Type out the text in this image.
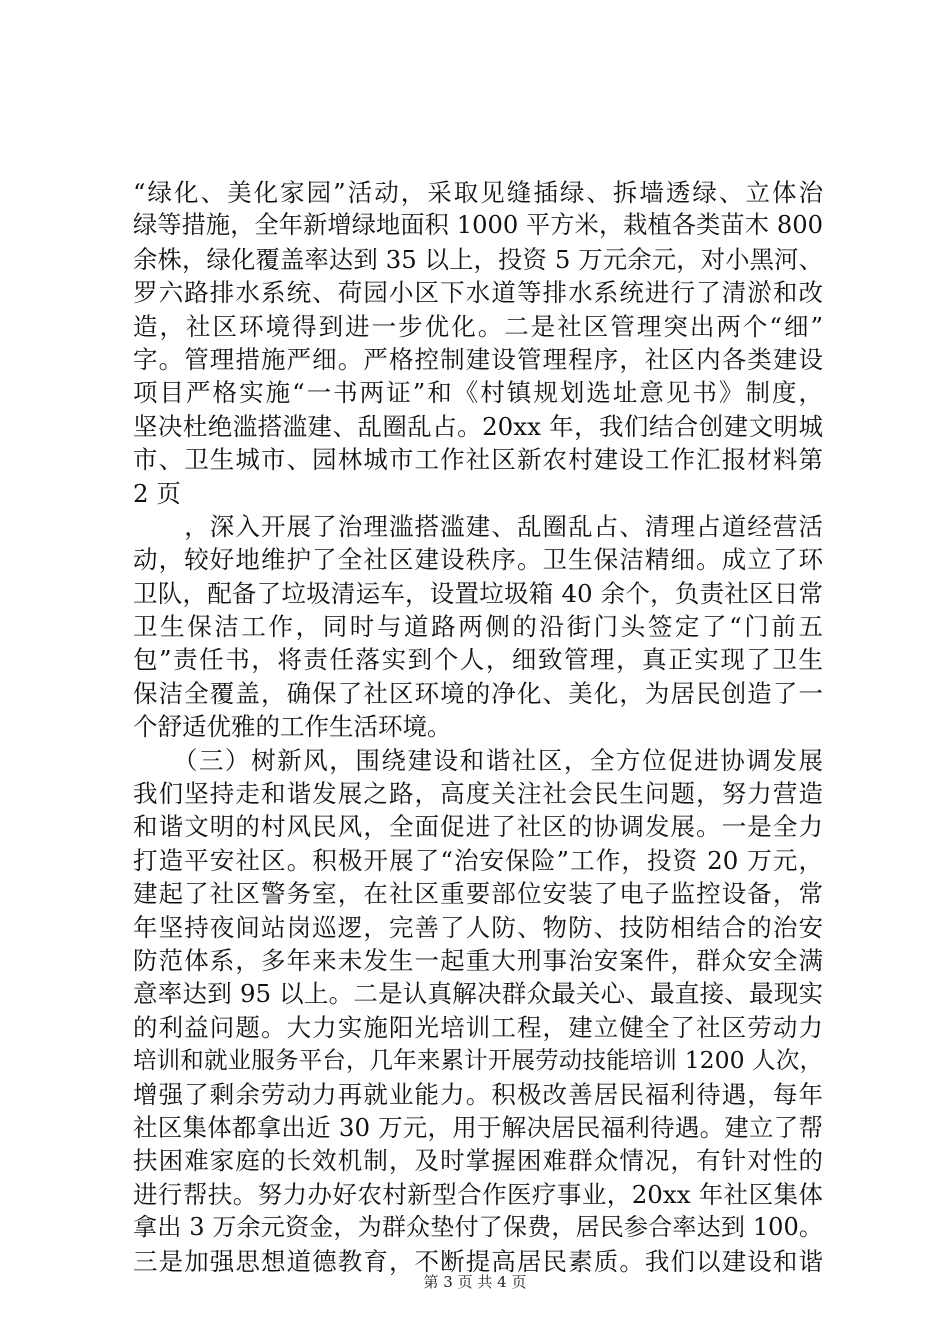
“绿化、美化家园”活动，采取见缝插绿、拆墙透绿、立体治
绿等措施，全年新增绿地面积 1000 平方米，栽植各类苗木 800
余株，绿化覆盖率达到 35 以上，投资 5 万元余元，对小黑河、
罗六路排水系统、荷园小区下水道等排水系统进行了清淤和改
造，社区环境得到进一步优化。二是社区管理突出两个“细”
字。管理措施严细。严格控制建设管理程序，社区内各类建设
项目严格实施“一书两证”和《村镇规划选址意见书》制度，
坚决杜绝滥搭滥建、乱圈乱占。20xx 年，我们结合创建文明城
市、卫生城市、园林城市工作社区新农村建设工作汇报材料第
2 页
　　，深入开展了治理滥搭滥建、乱圈乱占、清理占道经营活
动，较好地维护了全社区建设秩序。卫生保洁精细。成立了环
卫队，配备了垃圾清运车，设置垃圾箱 40 余个，负责社区日常
卫生保洁工作，同时与道路两侧的沿街门头签定了“门前五
包”责任书，将责任落实到个人，细致管理，真正实现了卫生
保洁全覆盖，确保了社区环境的净化、美化，为居民创造了一
个舒适优雅的工作生活环境。
　　（三）树新风，围绕建设和谐社区，全方位促进协调发展
我们坚持走和谐发展之路，高度关注社会民生问题，努力营造
和谐文明的村风民风，全面促进了社区的协调发展。一是全力
打造平安社区。积极开展了“治安保险”工作，投资 20 万元，
建起了社区警务室，在社区重要部位安装了电子监控设备，常
年坚持夜间站岗巡逻，完善了人防、物防、技防相结合的治安
防范体系，多年来未发生一起重大刑事治安案件，群众安全满
意率达到 95 以上。二是认真解决群众最关心、最直接、最现实
的利益问题。大力实施阳光培训工程，建立健全了社区劳动力
培训和就业服务平台，几年来累计开展劳动技能培训 1200 人次，
增强了剩余劳动力再就业能力。积极改善居民福利待遇，每年
社区集体都拿出近 30 万元，用于解决居民福利待遇。建立了帮
扶困难家庭的长效机制，及时掌握困难群众情况，有针对性的
进行帮扶。努力办好农村新型合作医疗事业，20xx 年社区集体
拿出 3 万余元资金，为群众垫付了保费，居民参合率达到 100。
三是加强思想道德教育，不断提高居民素质。我们以建设和谐
第 3 页 共 4 页
